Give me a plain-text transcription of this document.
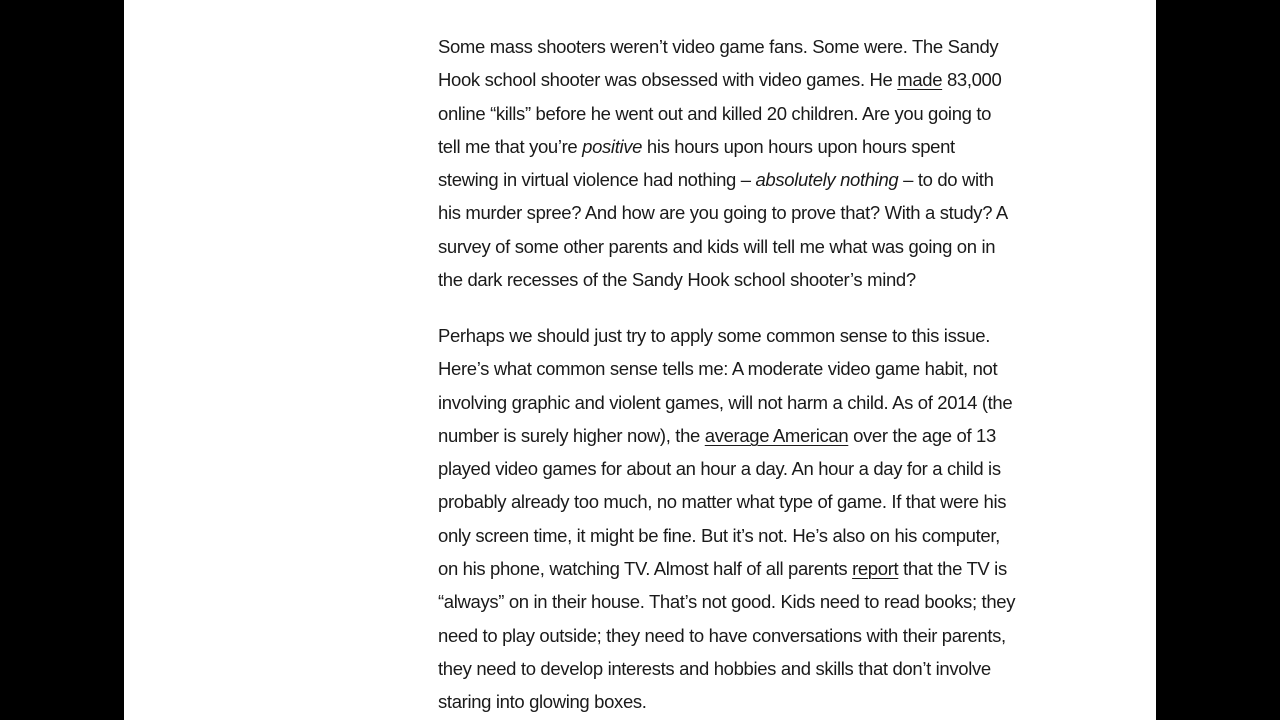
Some mass shooters weren’t video game fans. Some were. The Sandy
Hook school shooter was obsessed with video games. He made 83,000
online “kills” before he went out and killed 20 children. Are you going to
tell me that you’re positive his hours upon hours upon hours spent
stewing in virtual violence had nothing – absolutely nothing – to do with
his murder spree? And how are you going to prove that? With a study? A
survey of some other parents and kids will tell me what was going on in
the dark recesses of the Sandy Hook school shooter’s mind?

Perhaps we should just try to apply some common sense to this issue.
Here’s what common sense tells me: A moderate video game habit, not
involving graphic and violent games, will not harm a child. As of 2014 (the
number is surely higher now), the average American over the age of 13
played video games for about an hour a day. An hour a day for a child is
probably already too much, no matter what type of game. If that were his
only screen time, it might be fine. But it’s not. He’s also on his computer,
on his phone, watching TV. Almost half of all parents report that the TV is
“always” on in their house. That’s not good. Kids need to read books; they
need to play outside; they need to have conversations with their parents,
they need to develop interests and hobbies and skills that don’t involve
staring into glowing boxes.
